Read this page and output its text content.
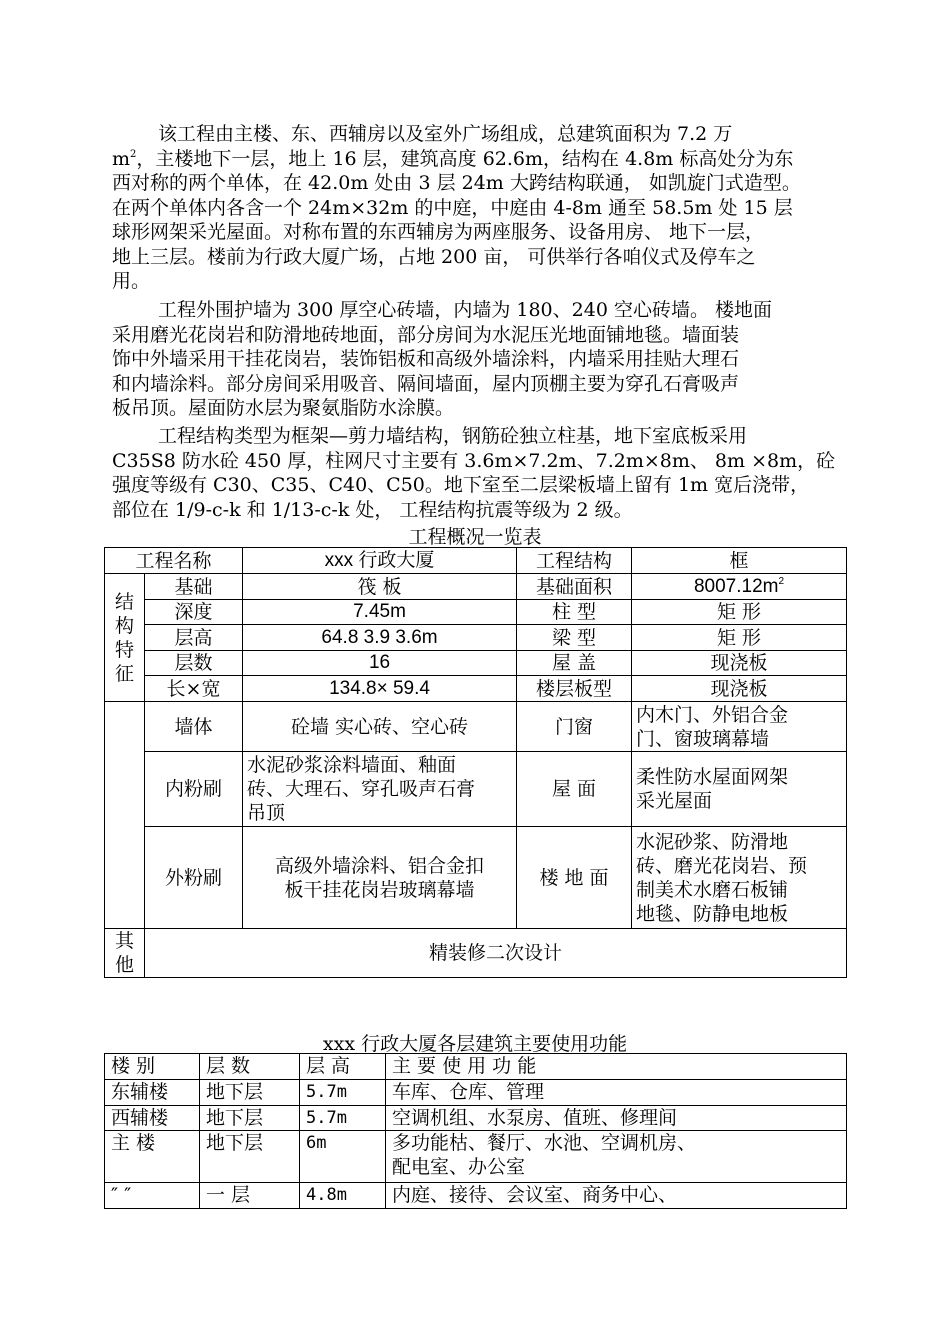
该工程由主楼、东、西辅房以及室外广场组成，总建筑面积为 7.2 万
$m^2$，主楼地下一层，地上 16 层，建筑高度 62.6m，结构在 4.8m 标高处分为东
西对称的两个单体，在 42.0m 处由 3 层 24m 大跨结构联通， 如凯旋门式造型。
在两个单体内各含一个 24m×32m 的中庭，中庭由 4-8m 通至 58.5m 处 15 层
球形网架采光屋面。对称布置的东西辅房为两座服务、设备用房、 地下一层，
地上三层。楼前为行政大厦广场，占地 200 亩， 可供举行各咱仪式及停车之
用。
工程外围护墙为 300 厚空心砖墙，内墙为 180、240 空心砖墙。 楼地面
采用磨光花岗岩和防滑地砖地面，部分房间为水泥压光地面铺地毯。墙面装
饰中外墙采用干挂花岗岩，装饰铝板和高级外墙涂料，内墙采用挂贴大理石
和内墙涂料。部分房间采用吸音、隔间墙面，屋内顶棚主要为穿孔石膏吸声
板吊顶。屋面防水层为聚氨脂防水涂膜。
工程结构类型为框架—剪力墙结构，钢筋砼独立柱基，地下室底板采用
C35S8 防水砼 450 厚，柱网尺寸主要有 3.6m×7.2m、7.2m×8m、 8m ×8m，砼
强度等级有 C30、C35、C40、C50。地下室至二层梁板墙上留有 1m 宽后浇带，
部位在 1/9-c-k 和 1/13-c-k 处， 工程结构抗震等级为 2 级。
工程概况一览表
工程名称		xxx 行政大厦	工程结构	框
结构特征	基础	筏 板	基础面积	$8007.12m^2$
	深度	7.45m	柱 型	矩 形
	层高	64.8 3.9 3.6m	梁 型	矩 形
	层数	16	屋 盖	现浇板
	长×宽	134.8× 59.4	楼层板型	现浇板
	墙体	砼墙 实心砖、空心砖	门窗	内木门、外铝合金
门、窗玻璃幕墙

	内粉刷	水泥砂浆涂料墙面、釉面
砖、大理石、穿孔吸声石膏
吊顶	屋 面	柔性防水屋面网架
采光屋面

	外粉刷	高级外墙涂料、铝合金扣
板干挂花岗岩玻璃幕墙	楼 地 面	水泥砂浆、防滑地
砖、磨光花岗岩、预
制美术水磨石板铺
地毯、防静电地板

其
他	精装修二次设计			
xxx 行政大厦各层建筑主要使用功能
楼 别	层 数	层 高	主 要 使 用 功 能
东辅楼	地下层	5.7m	车库、仓库、管理
西辅楼	地下层	5.7m	空调机组、水泵房、值班、修理间
主 楼	地下层	6m	多功能枯、餐厅、水池、空调机房、
配电室、办公室

″ ″	一 层	4.8m	内庭、接待、会议室、商务中心、
